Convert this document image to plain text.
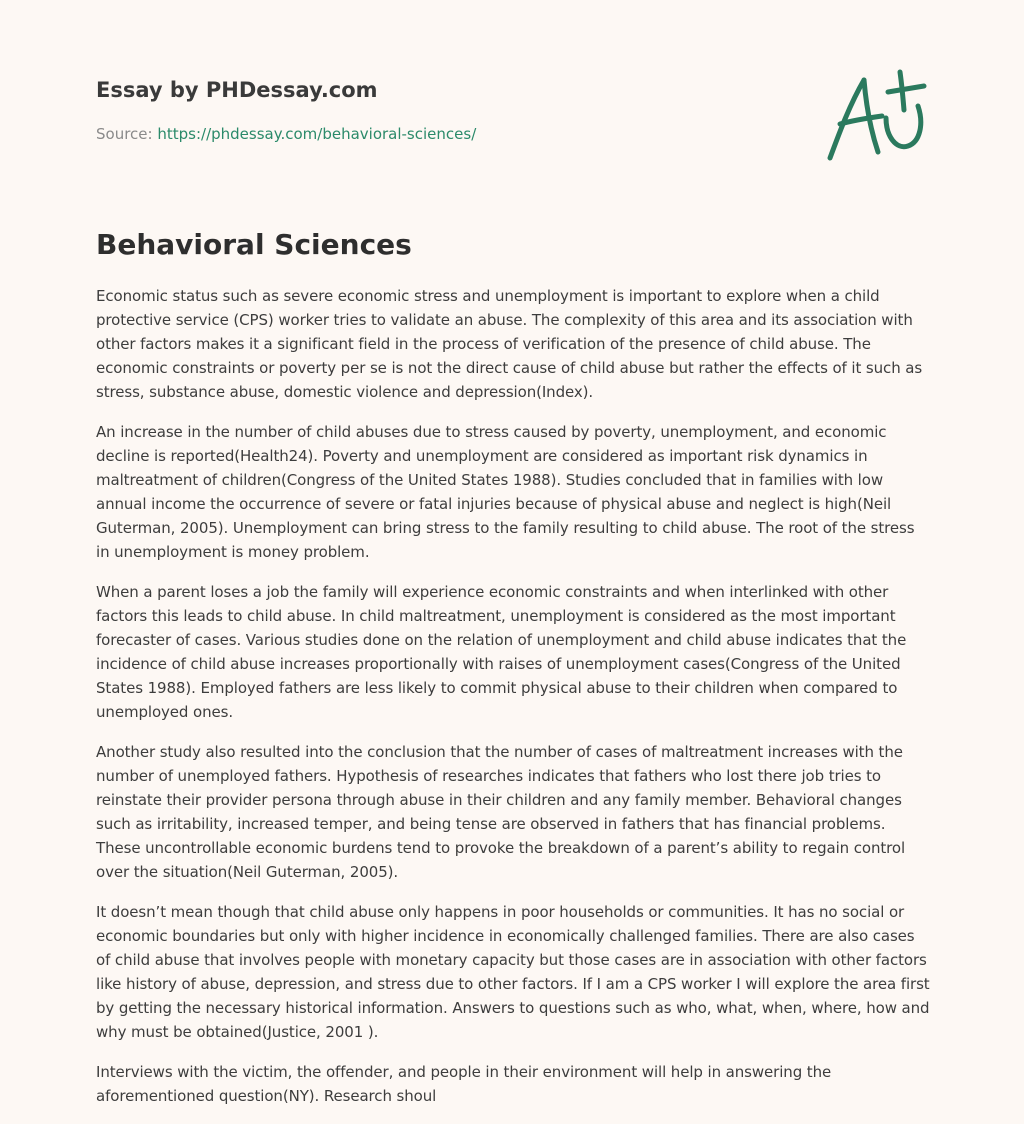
Essay by PHDessay.com
Source: https://phdessay.com/behavioral-sciences/
Behavioral Sciences

Economic status such as severe economic stress and unemployment is important to explore when a child protective service (CPS) worker tries to validate an abuse. The complexity of this area and its association with other factors makes it a significant field in the process of verification of the presence of child abuse. The economic constraints or poverty per se is not the direct cause of child abuse but rather the effects of it such as stress, substance abuse, domestic violence and depression(Index).

An increase in the number of child abuses due to stress caused by poverty, unemployment, and economic decline is reported(Health24). Poverty and unemployment are considered as important risk dynamics in maltreatment of children(Congress of the United States 1988). Studies concluded that in families with low annual income the occurrence of severe or fatal injuries because of physical abuse and neglect is high(Neil Guterman, 2005). Unemployment can bring stress to the family resulting to child abuse. The root of the stress in unemployment is money problem.

When a parent loses a job the family will experience economic constraints and when interlinked with other factors this leads to child abuse. In child maltreatment, unemployment is considered as the most important forecaster of cases. Various studies done on the relation of unemployment and child abuse indicates that the incidence of child abuse increases proportionally with raises of unemployment cases(Congress of the United States 1988). Employed fathers are less likely to commit physical abuse to their children when compared to unemployed ones.

Another study also resulted into the conclusion that the number of cases of maltreatment increases with the number of unemployed fathers. Hypothesis of researches indicates that fathers who lost there job tries to reinstate their provider persona through abuse in their children and any family member. Behavioral changes such as irritability, increased temper, and being tense are observed in fathers that has financial problems. These uncontrollable economic burdens tend to provoke the breakdown of a parent’s ability to regain control over the situation(Neil Guterman, 2005).

It doesn’t mean though that child abuse only happens in poor households or communities. It has no social or economic boundaries but only with higher incidence in economically challenged families. There are also cases of child abuse that involves people with monetary capacity but those cases are in association with other factors like history of abuse, depression, and stress due to other factors. If I am a CPS worker I will explore the area first by getting the necessary historical information. Answers to questions such as who, what, when, where, how and why must be obtained(Justice, 2001 ).

Interviews with the victim, the offender, and people in their environment will help in answering the aforementioned question(NY). Research shoul
